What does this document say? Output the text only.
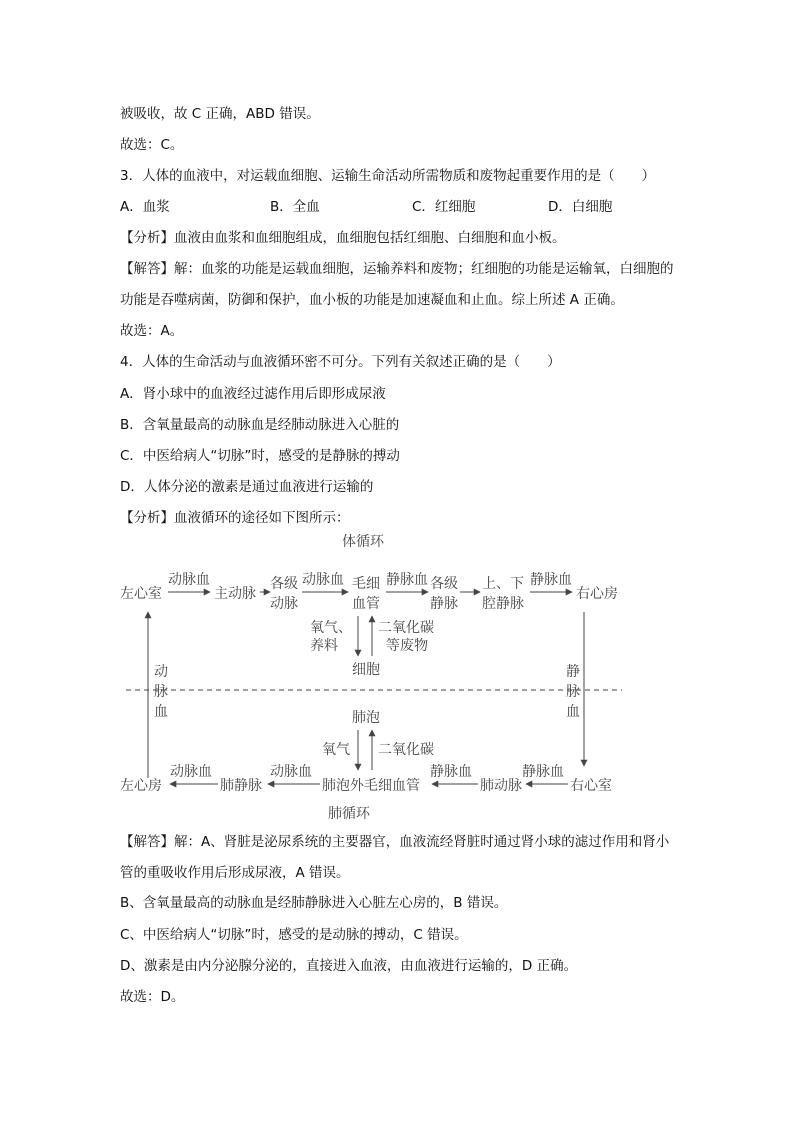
被吸收，故 C 正确，ABD 错误。
故选：C。
3．人体的血液中，对运载血细胞、运输生命活动所需物质和废物起重要作用的是（　　）
A．血浆	B．全血	C．红细胞	D．白细胞
【分析】血液由血浆和血细胞组成，血细胞包括红细胞、白细胞和血小板。
【解答】解：血浆的功能是运载血细胞，运输养料和废物；红细胞的功能是运输氧，白细胞的功能是吞噬病菌，防御和保护，血小板的功能是加速凝血和止血。综上所述 A 正确。
故选：A。
4．人体的生命活动与血液循环密不可分。下列有关叙述正确的是（　　）
A．肾小球中的血液经过滤作用后即形成尿液
B．含氧量最高的动脉血是经肺动脉进入心脏的
C．中医给病人“切脉”时，感受的是静脉的搏动
D．人体分泌的激素是通过血液进行运输的
【分析】血液循环的途径如下图所示：
体循环
左心室
动脉血
主动脉
各级
动脉
动脉血 毛细
血管
静脉血 各级
静脉
上、下
腔静脉
静脉血
右心房
氧气、
养料
二氧化碳
等废物
细胞
动
脉
血
静
脉
血
肺泡
氧气 二氧化碳
左心房
动脉血
肺静脉
动脉血
肺泡外毛细血管
静脉血
肺动脉
静脉血
右心室
肺循环
【解答】解：A、肾脏是泌尿系统的主要器官，血液流经肾脏时通过肾小球的滤过作用和肾小管的重吸收作用后形成尿液，A 错误。
B、含氧量最高的动脉血是经肺静脉进入心脏左心房的，B 错误。
C、中医给病人“切脉”时，感受的是动脉的搏动，C 错误。
D、激素是由内分泌腺分泌的，直接进入血液，由血液进行运输的，D 正确。
故选：D。
